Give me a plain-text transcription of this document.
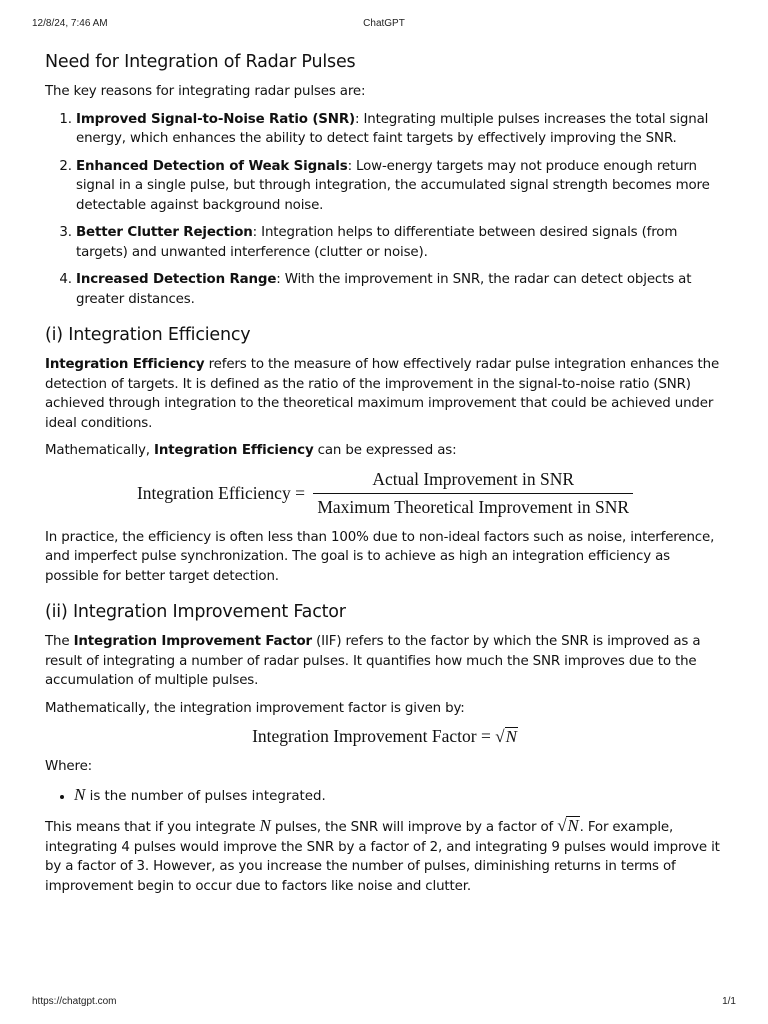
12/8/24, 7:46 AM	ChatGPT
Need for Integration of Radar Pulses

The key reasons for integrating radar pulses are:

1. Improved Signal-to-Noise Ratio (SNR): Integrating multiple pulses increases the total signal energy, which enhances the ability to detect faint targets by effectively improving the SNR.
2. Enhanced Detection of Weak Signals: Low-energy targets may not produce enough return signal in a single pulse, but through integration, the accumulated signal strength becomes more detectable against background noise.
3. Better Clutter Rejection: Integration helps to differentiate between desired signals (from targets) and unwanted interference (clutter or noise).
4. Increased Detection Range: With the improvement in SNR, the radar can detect objects at greater distances.
(i) Integration Efficiency

Integration Efficiency refers to the measure of how effectively radar pulse integration enhances the detection of targets. It is defined as the ratio of the improvement in the signal-to-noise ratio (SNR) achieved through integration to the theoretical maximum improvement that could be achieved under ideal conditions.

Mathematically, Integration Efficiency can be expressed as:

Integration Efficiency = $\frac{\text{Actual Improvement in SNR}}{\text{Maximum Theoretical Improvement in SNR}}$

In practice, the efficiency is often less than 100% due to non-ideal factors such as noise, interference, and imperfect pulse synchronization. The goal is to achieve as high an integration efficiency as possible for better target detection.

(ii) Integration Improvement Factor

The Integration Improvement Factor (IIF) refers to the factor by which the SNR is improved as a result of integrating a number of radar pulses. It quantifies how much the SNR improves due to the accumulation of multiple pulses.

Mathematically, the integration improvement factor is given by:

Integration Improvement Factor = √N

Where:

• N is the number of pulses integrated.

This means that if you integrate N pulses, the SNR will improve by a factor of √N. For example, integrating 4 pulses would improve the SNR by a factor of 2, and integrating 9 pulses would improve it by a factor of 3. However, as you increase the number of pulses, diminishing returns in terms of improvement begin to occur due to factors like noise and clutter.

https://chatgpt.com	1/1
